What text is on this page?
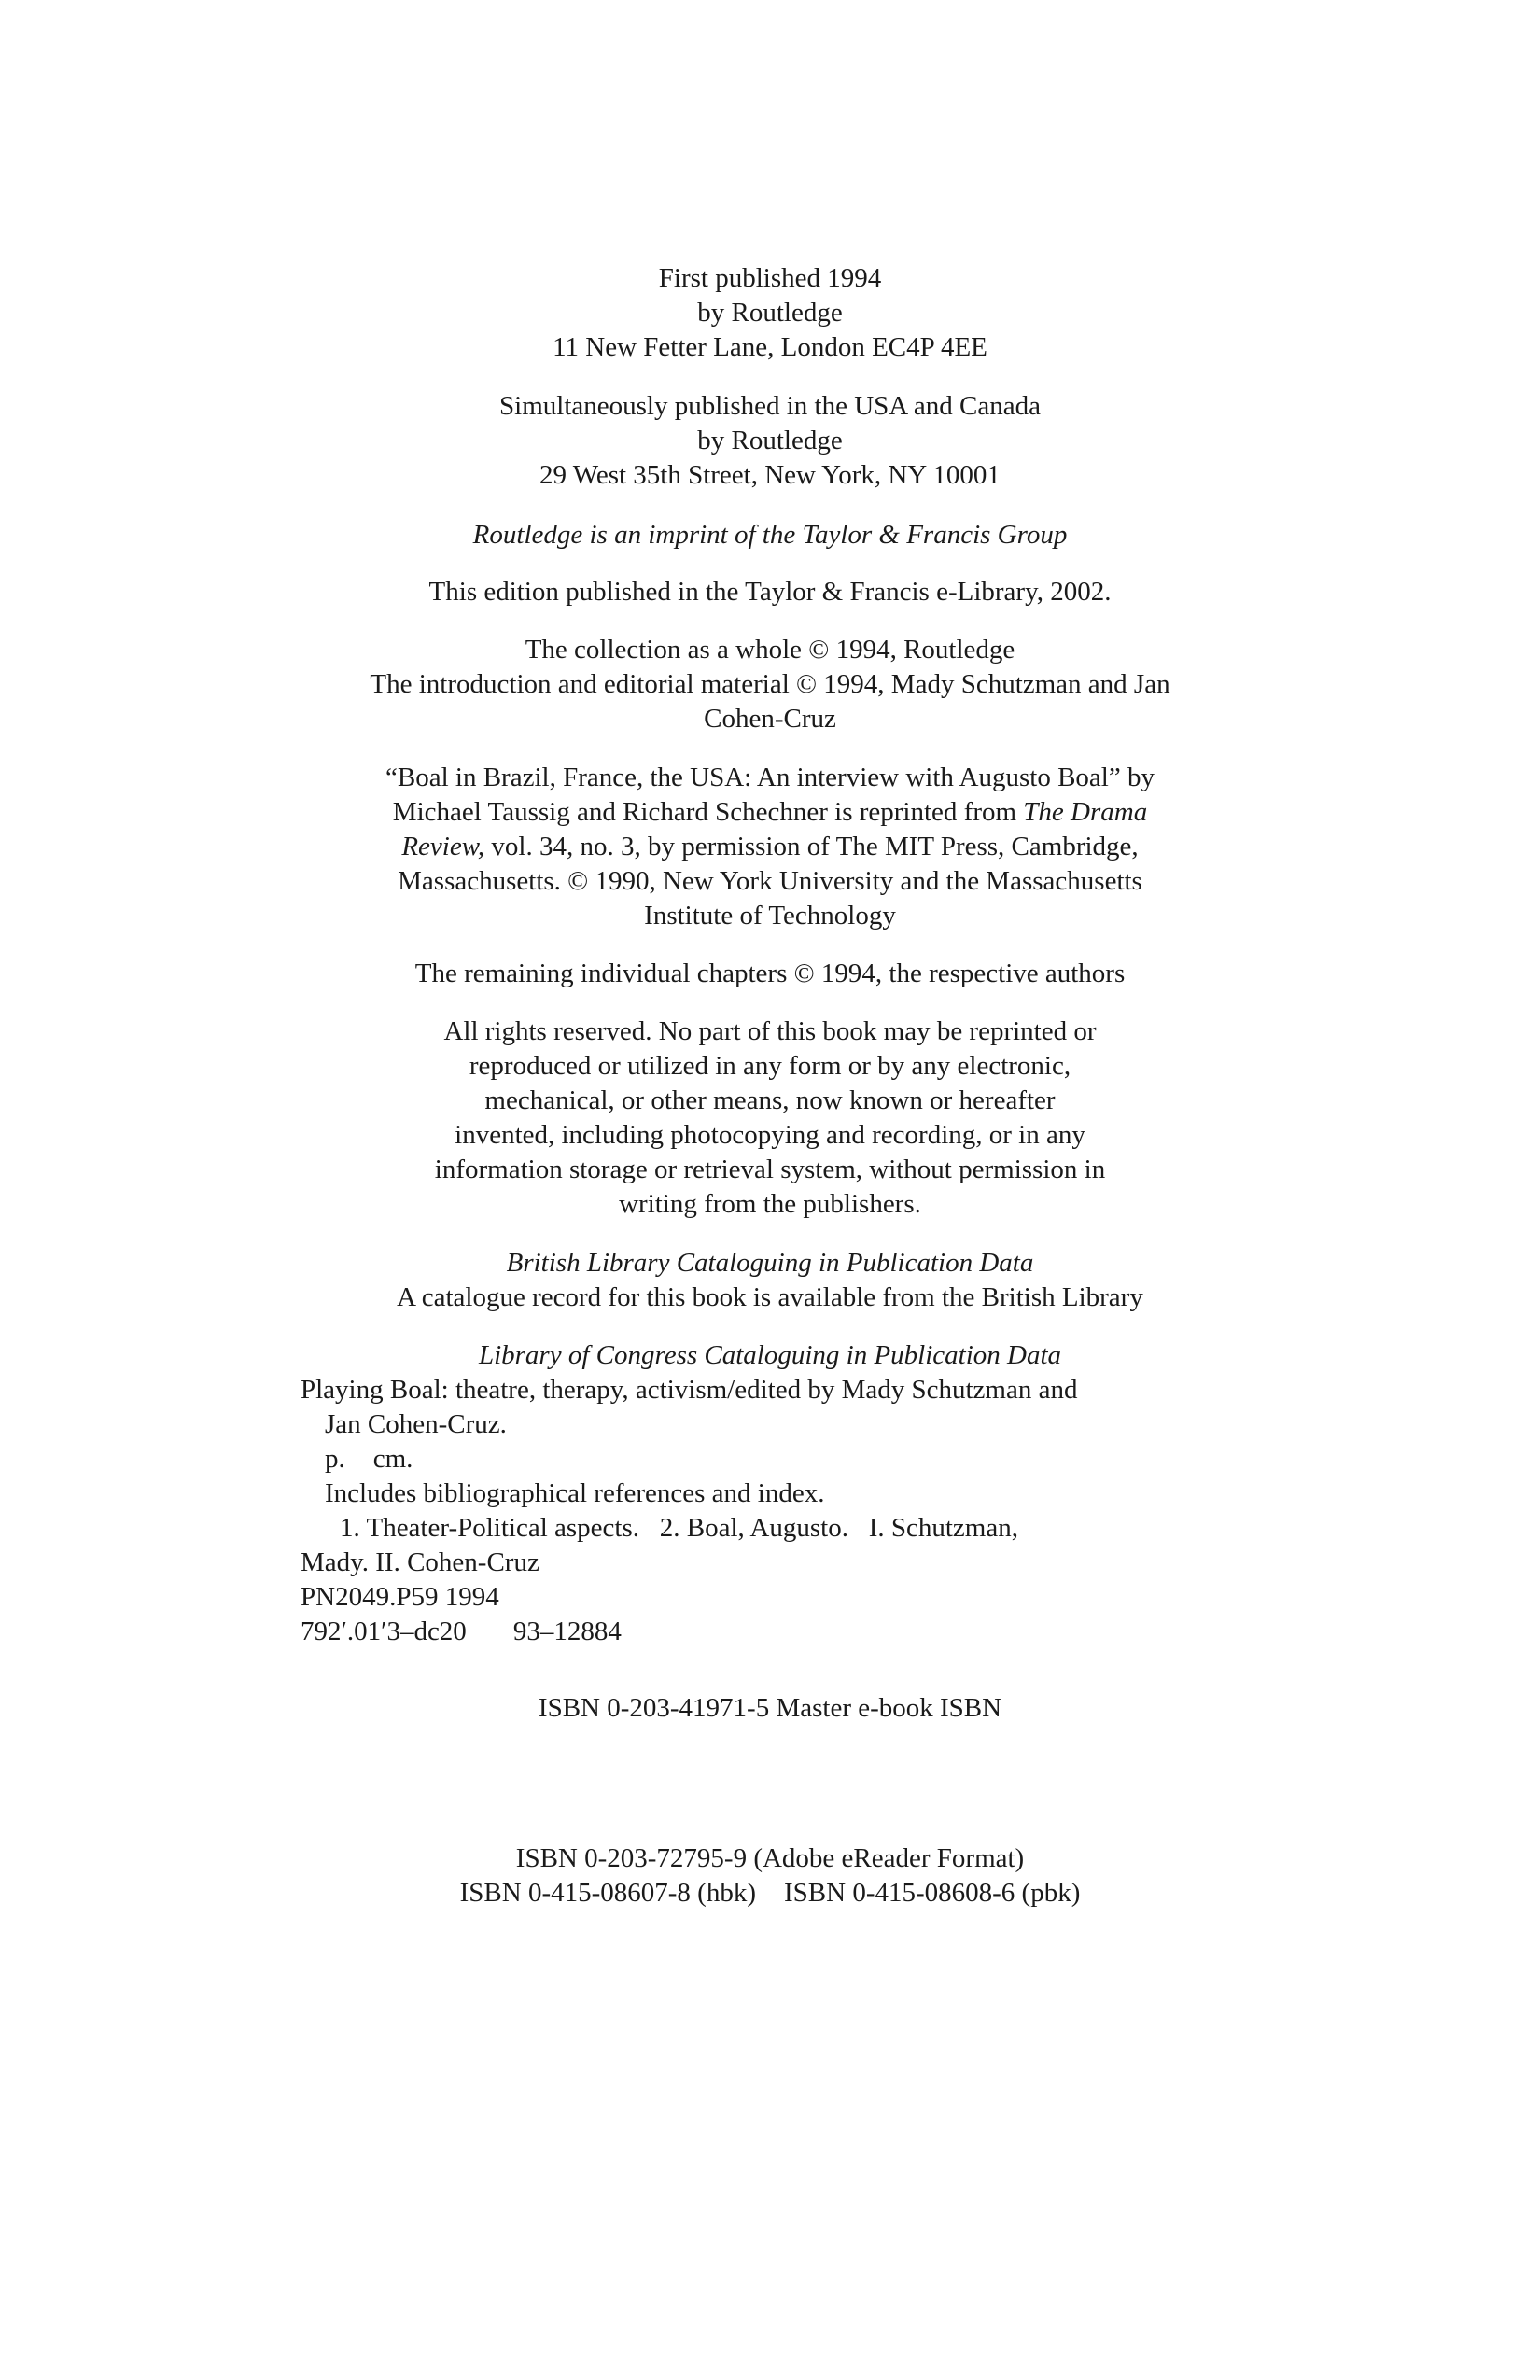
First published 1994
by Routledge
11 New Fetter Lane, London EC4P 4EE
Simultaneously published in the USA and Canada
by Routledge
29 West 35th Street, New York, NY 10001
Routledge is an imprint of the Taylor & Francis Group
This edition published in the Taylor & Francis e-Library, 2002.
The collection as a whole © 1994, Routledge
The introduction and editorial material © 1994, Mady Schutzman and Jan
Cohen-Cruz
“Boal in Brazil, France, the USA: An interview with Augusto Boal” by
Michael Taussig and Richard Schechner is reprinted from The Drama
Review, vol. 34, no. 3, by permission of The MIT Press, Cambridge,
Massachusetts. © 1990, New York University and the Massachusetts
Institute of Technology
The remaining individual chapters © 1994, the respective authors
All rights reserved. No part of this book may be reprinted or
reproduced or utilized in any form or by any electronic,
mechanical, or other means, now known or hereafter
invented, including photocopying and recording, or in any
information storage or retrieval system, without permission in
writing from the publishers.
British Library Cataloguing in Publication Data
A catalogue record for this book is available from the British Library
Library of Congress Cataloguing in Publication Data
Playing Boal: theatre, therapy, activism/edited by Mady Schutzman and
Jan Cohen-Cruz.
p. cm.
Includes bibliographical references and index.
1. Theater-Political aspects. 2. Boal, Augusto. I. Schutzman,
Mady. II. Cohen-Cruz
PN2049.P59 1994
792′.01′3–dc20 93–12884
ISBN 0-203-41971-5 Master e-book ISBN
ISBN 0-203-72795-9 (Adobe eReader Format)
ISBN 0-415-08607-8 (hbk) ISBN 0-415-08608-6 (pbk)
